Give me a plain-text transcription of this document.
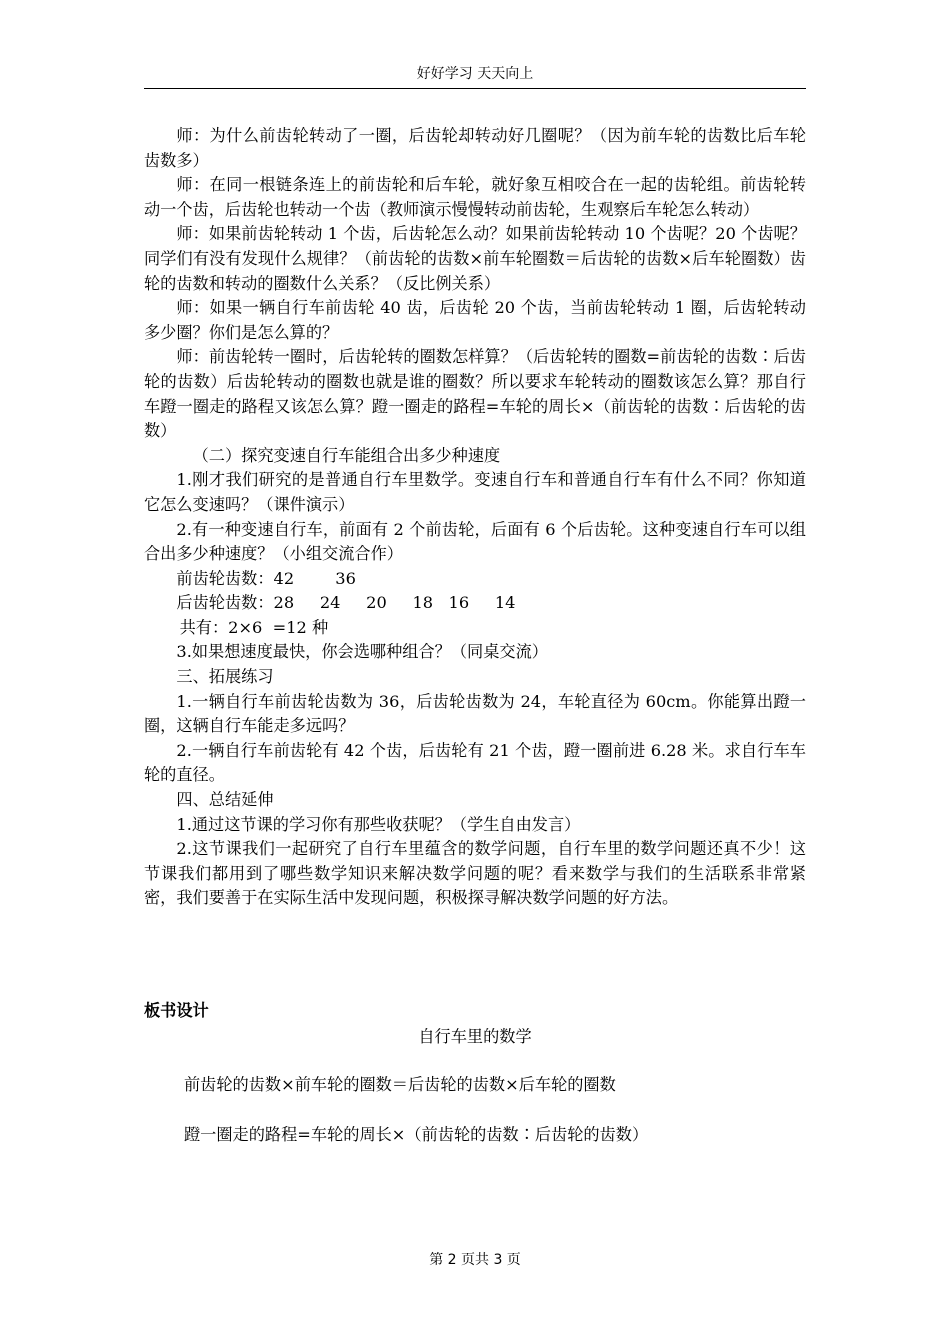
好好学习 天天向上

师：为什么前齿轮转动了一圈，后齿轮却转动好几圈呢？（因为前车轮的齿数比后车轮齿数多）

师：在同一根链条连上的前齿轮和后车轮，就好象互相咬合在一起的齿轮组。前齿轮转动一个齿，后齿轮也转动一个齿（教师演示慢慢转动前齿轮，生观察后车轮怎么转动）

师：如果前齿轮转动 1 个齿，后齿轮怎么动？如果前齿轮转动 10 个齿呢？20 个齿呢？同学们有没有发现什么规律？（前齿轮的齿数×前车轮圈数＝后齿轮的齿数×后车轮圈数）齿轮的齿数和转动的圈数什么关系？（反比例关系）

师：如果一辆自行车前齿轮 40 齿，后齿轮 20 个齿，当前齿轮转动 1 圈，后齿轮转动多少圈？你们是怎么算的？

师：前齿轮转一圈时，后齿轮转的圈数怎样算？（后齿轮转的圈数=前齿轮的齿数∶后齿轮的齿数）后齿轮转动的圈数也就是谁的圈数？所以要求车轮转动的圈数该怎么算？那自行车蹬一圈走的路程又该怎么算？蹬一圈走的路程=车轮的周长×（前齿轮的齿数∶后齿轮的齿数）

（二）探究变速自行车能组合出多少种速度

1.刚才我们研究的是普通自行车里数学。变速自行车和普通自行车有什么不同？你知道它怎么变速吗？（课件演示）

2.有一种变速自行车，前面有 2 个前齿轮，后面有 6 个后齿轮。这种变速自行车可以组合出多少种速度？（小组交流合作）

前齿轮齿数：42        36

后齿轮齿数：28     24     20     18   16     14

共有：2×6  =12 种

3.如果想速度最快，你会选哪种组合？（同桌交流）

三、拓展练习

1.一辆自行车前齿轮齿数为 36，后齿轮齿数为 24，车轮直径为 60cm。你能算出蹬一圈，这辆自行车能走多远吗？

2.一辆自行车前齿轮有 42 个齿，后齿轮有 21 个齿，蹬一圈前进 6.28 米。求自行车车轮的直径。

四、总结延伸

1.通过这节课的学习你有那些收获呢？（学生自由发言）

2.这节课我们一起研究了自行车里蕴含的数学问题，自行车里的数学问题还真不少！这节课我们都用到了哪些数学知识来解决数学问题的呢？看来数学与我们的生活联系非常紧密，我们要善于在实际生活中发现问题，积极探寻解决数学问题的好方法。

板书设计
自行车里的数学
前齿轮的齿数×前车轮的圈数＝后齿轮的齿数×后车轮的圈数
蹬一圈走的路程=车轮的周长×（前齿轮的齿数∶后齿轮的齿数）
第 2 页共 3 页
